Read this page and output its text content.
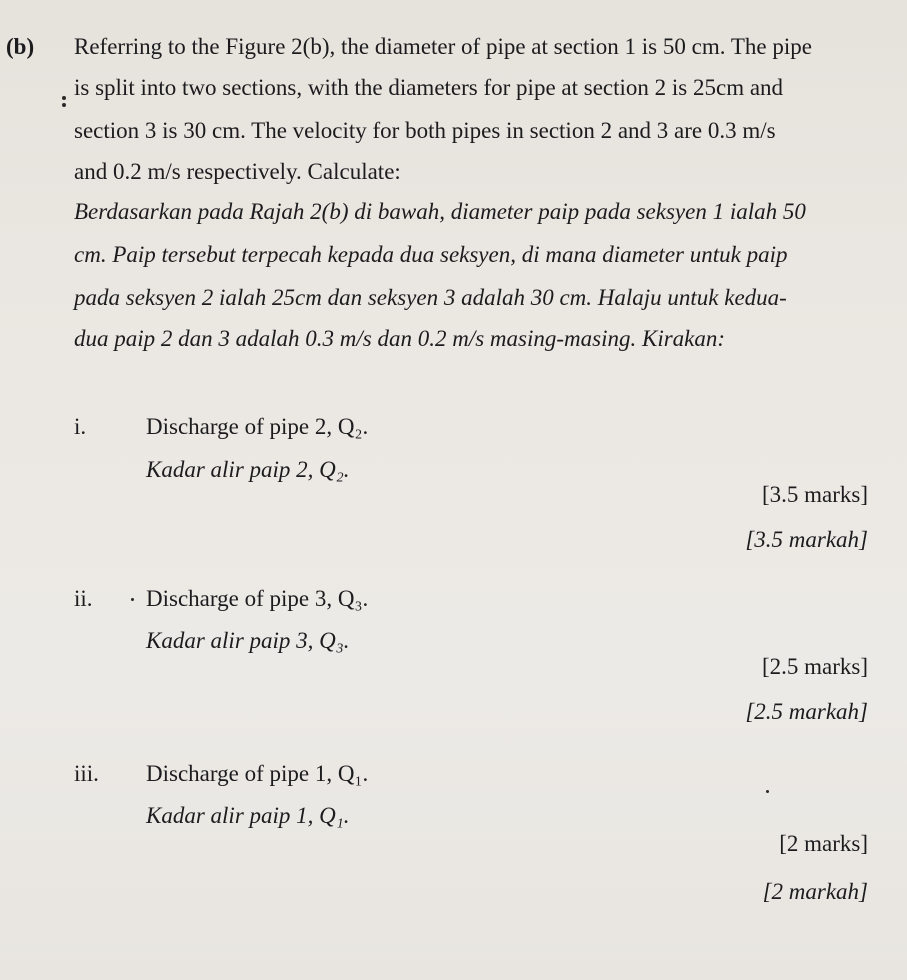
(b) Referring to the Figure 2(b), the diameter of pipe at section 1 is 50 cm. The pipe
is split into two sections, with the diameters for pipe at section 2 is 25cm and
section 3 is 30 cm. The velocity for both pipes in section 2 and 3 are 0.3 m/s
and 0.2 m/s respectively. Calculate:
Berdasarkan pada Rajah 2(b) di bawah, diameter paip pada seksyen 1 ialah 50
cm. Paip tersebut terpecah kepada dua seksyen, di mana diameter untuk paip
pada seksyen 2 ialah 25cm dan seksyen 3 adalah 30 cm. Halaju untuk kedua-
dua paip 2 dan 3 adalah 0.3 m/s dan 0.2 m/s masing-masing. Kirakan:
i.	Discharge of pipe 2, Q₂.
Kadar alir paip 2, Q₂.
[3.5 marks]
[3.5 markah]
ii. Discharge of pipe 3, Q₃.
Kadar alir paip 3, Q₃.
[2.5 marks]
[2.5 markah]
iii. Discharge of pipe 1, Q₁.
Kadar alir paip 1, Q₁.
[2 marks]
[2 markah]
